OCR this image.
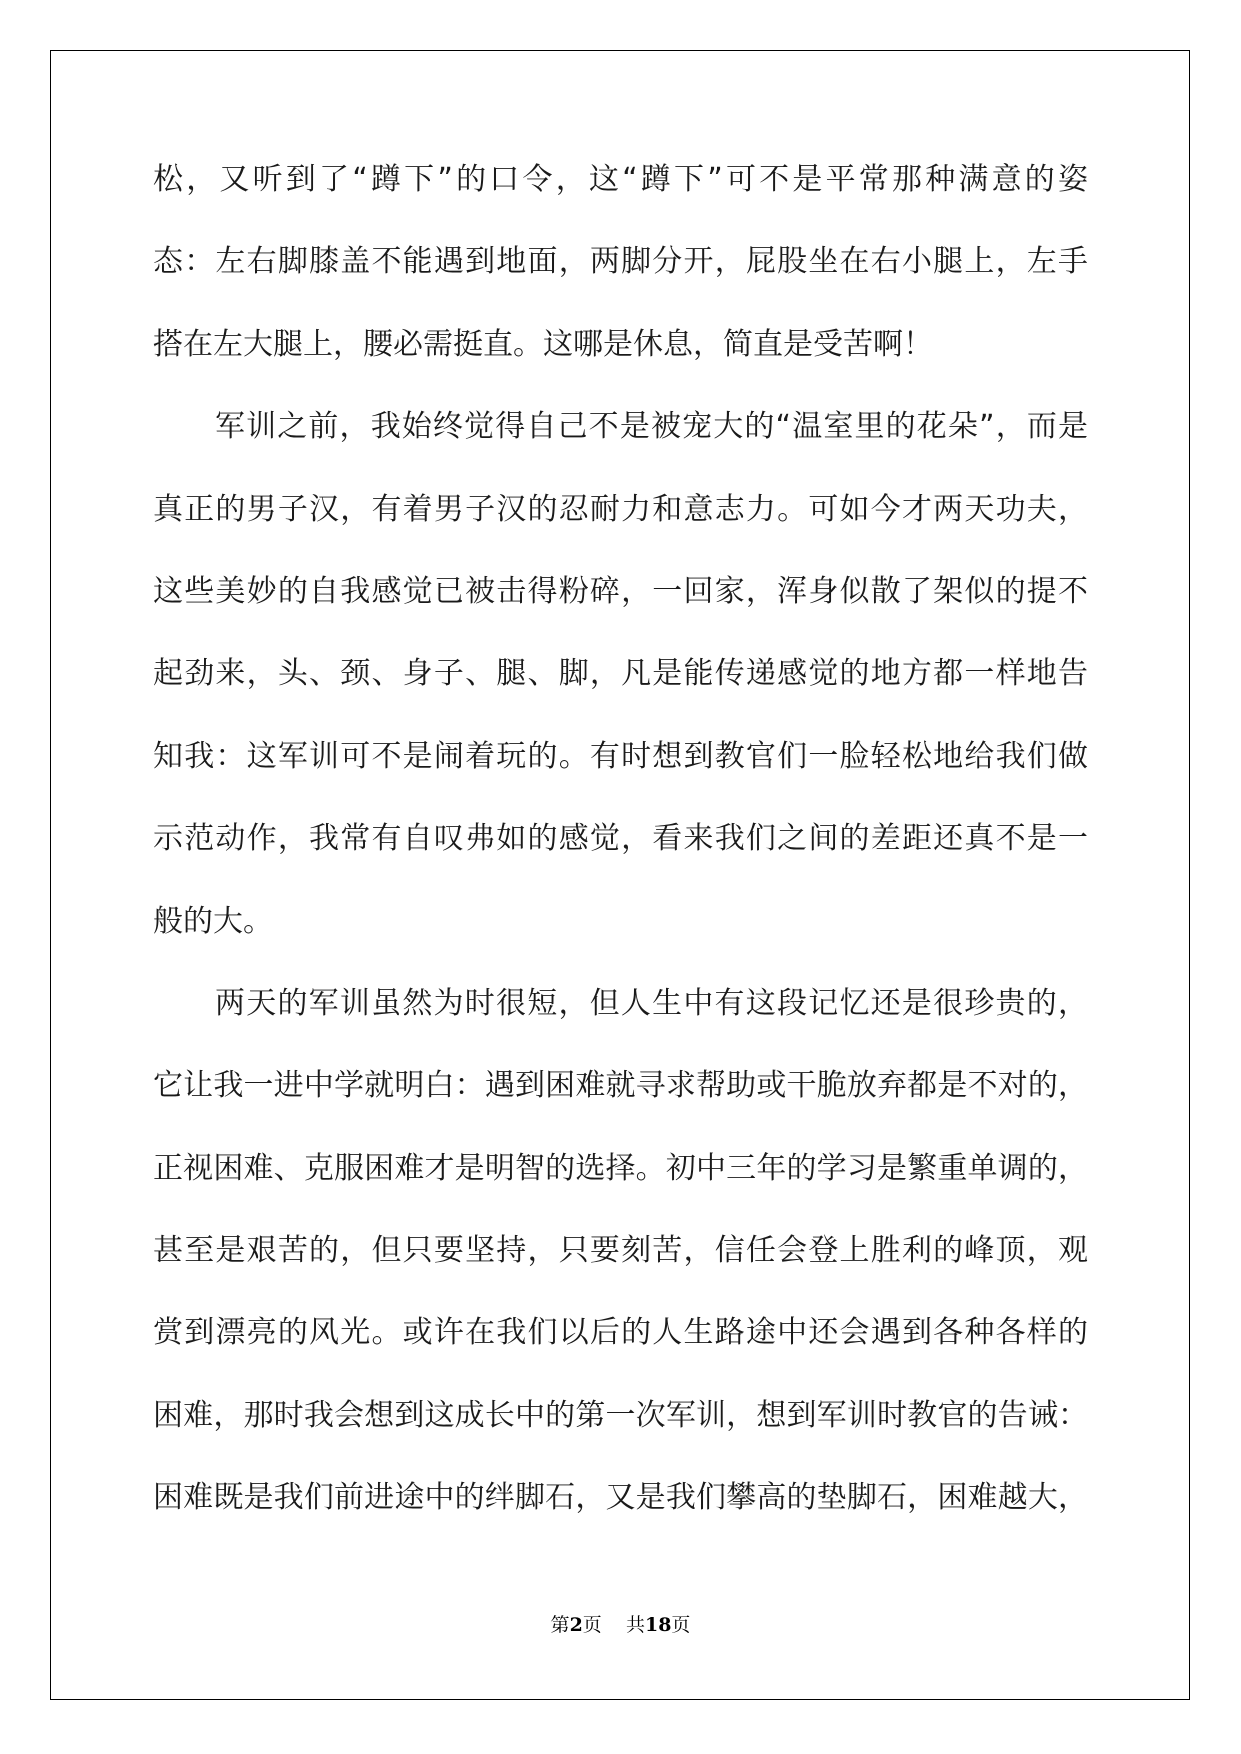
松，又听到了“蹲下”的口令，这“蹲下”可不是平常那种满意的姿
态：左右脚膝盖不能遇到地面，两脚分开，屁股坐在右小腿上，左手
搭在左大腿上，腰必需挺直。这哪是休息，简直是受苦啊！
军训之前，我始终觉得自己不是被宠大的“温室里的花朵”，而是
真正的男子汉，有着男子汉的忍耐力和意志力。可如今才两天功夫，
这些美妙的自我感觉已被击得粉碎，一回家，浑身似散了架似的提不
起劲来，头、颈、身子、腿、脚，凡是能传递感觉的地方都一样地告
知我：这军训可不是闹着玩的。有时想到教官们一脸轻松地给我们做
示范动作，我常有自叹弗如的感觉，看来我们之间的差距还真不是一
般的大。
两天的军训虽然为时很短，但人生中有这段记忆还是很珍贵的，
它让我一进中学就明白：遇到困难就寻求帮助或干脆放弃都是不对的，
正视困难、克服困难才是明智的选择。初中三年的学习是繁重单调的，
甚至是艰苦的，但只要坚持，只要刻苦，信任会登上胜利的峰顶，观
赏到漂亮的风光。或许在我们以后的人生路途中还会遇到各种各样的
困难，那时我会想到这成长中的第一次军训，想到军训时教官的告诫：
困难既是我们前进途中的绊脚石，又是我们攀高的垫脚石，困难越大，
第2页    共18页
